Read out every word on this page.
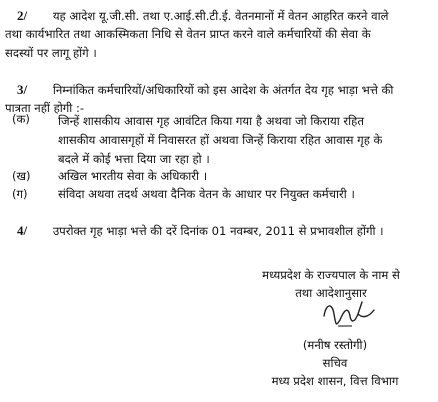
2/ यह आदेश यू.जी.सी. तथा ए.आई.सी.टी.ई. वेतनमानों में वेतन आहरित करने वाले
तथा कार्यभारित तथा आकस्मिकता निधि से वेतन प्राप्त करने वाले कर्मचारियों की सेवा के
सदस्यों पर लागू होंगे ।
3/ निम्नांकित कर्मचारियों/अधिकारियों को इस आदेश के अंतर्गत देय गृह भाड़ा भत्ते की
पात्रता नहीं होगी :-
(क)	जिन्हें शासकीय आवास गृह आवंटित किया गया है अथवा जो किराया रहित
शासकीय आवासगृहों में निवासरत हों अथवा जिन्हें किराया रहित आवास गृह के
बदले में कोई भत्ता दिया जा रहा हो ।
(ख)	अखिल भारतीय सेवा के अधिकारी ।
(ग)	संविदा अथवा तदर्थ अथवा दैनिक वेतन के आधार पर नियुक्त कर्मचारी ।
4/ उपरोक्त गृह भाड़ा भत्ते की दरें दिनांक 01 नवम्बर, 2011 से प्रभावशील होंगी ।
मध्यप्रदेश के राज्यपाल के नाम से
तथा आदेशानुसार
(मनीष रस्तोगी)
सचिव
मध्य प्रदेश शासन, वित्त विभाग
